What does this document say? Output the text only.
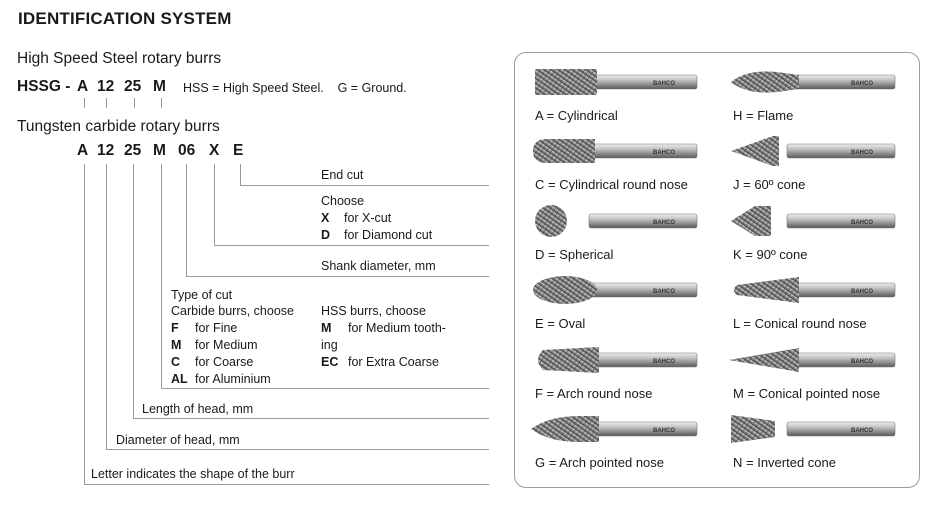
IDENTIFICATION SYSTEM
High Speed Steel rotary burrs
HSSG - A 12 25 M HSS = High Speed Steel.    G = Ground.
Tungsten carbide rotary burrs
A 12 25 M 06 X E
End cut
Choose
X for X-cut
D for Diamond cut
Shank diameter, mm
Type of cut
Carbide burrs, choose
F for Fine
M for Medium
C for Coarse
AL for Aluminium
HSS burrs, choose
M for Medium tooth-
ing
EC for Extra Coarse
Length of head, mm
Diameter of head, mm
Letter indicates the shape of the burr
BAHCO
A = Cylindrical
BAHCO
H = Flame
BAHCO
C = Cylindrical round nose
BAHCO
J = 60º cone
BAHCO
D = Spherical
BAHCO
K = 90º cone
BAHCO
E = Oval
BAHCO
L = Conical round nose
BAHCO
F = Arch round nose
BAHCO
M = Conical pointed nose
BAHCO
G = Arch pointed nose
BAHCO
N = Inverted cone
